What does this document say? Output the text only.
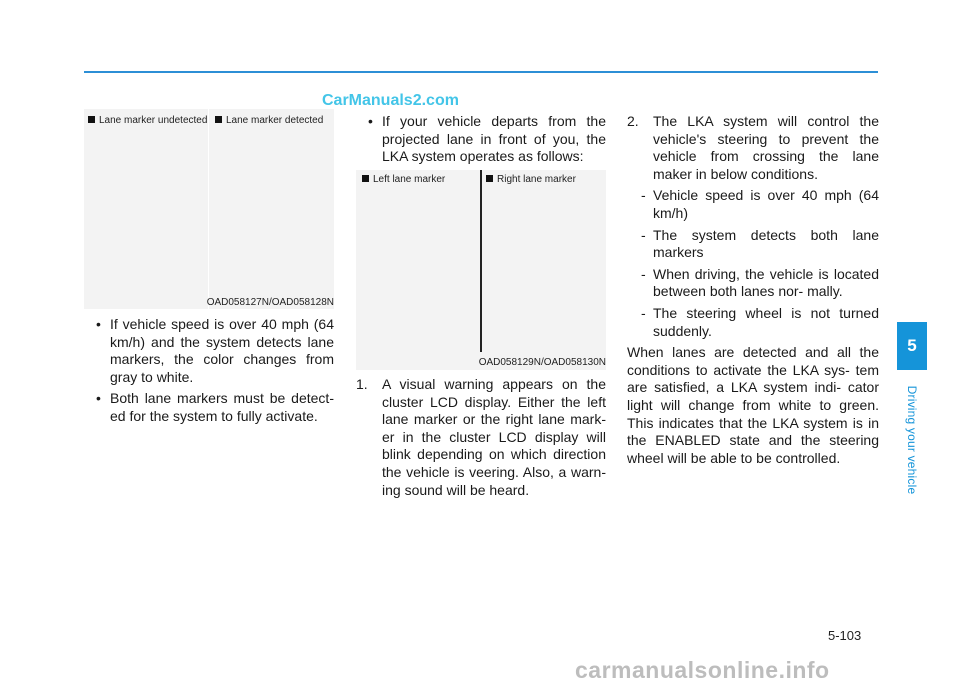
CarManuals2.com
Lane marker undetected	Lane marker detected
OAD058127N/OAD058128N
Left lane marker	Right lane marker
OAD058129N/OAD058130N

• If vehicle speed is over 40 mph (64 km/h) and the system detects lane markers, the color changes from gray to white.

• Both lane markers must be detect- ed for the system to fully activate.

• If your vehicle departs from the projected lane in front of you, the LKA system operates as follows:

1. A visual warning appears on the cluster LCD display. Either the left lane marker or the right lane mark- er in the cluster LCD display will blink depending on which direction the vehicle is veering. Also, a warn- ing sound will be heard.

2. The LKA system will control the vehicle's steering to prevent the vehicle from crossing the lane maker in below conditions.

- Vehicle speed is over 40 mph (64 km/h)

- The system detects both lane markers

- When driving, the vehicle is located between both lanes nor- mally.

- The steering wheel is not turned suddenly.

When lanes are detected and all the conditions to activate the LKA sys- tem are satisfied, a LKA system indi- cator light will change from white to green. This indicates that the LKA system is in the ENABLED state and the steering wheel will be able to be controlled.

5
Driving your vehicle
5-103
carmanualsonline.info
